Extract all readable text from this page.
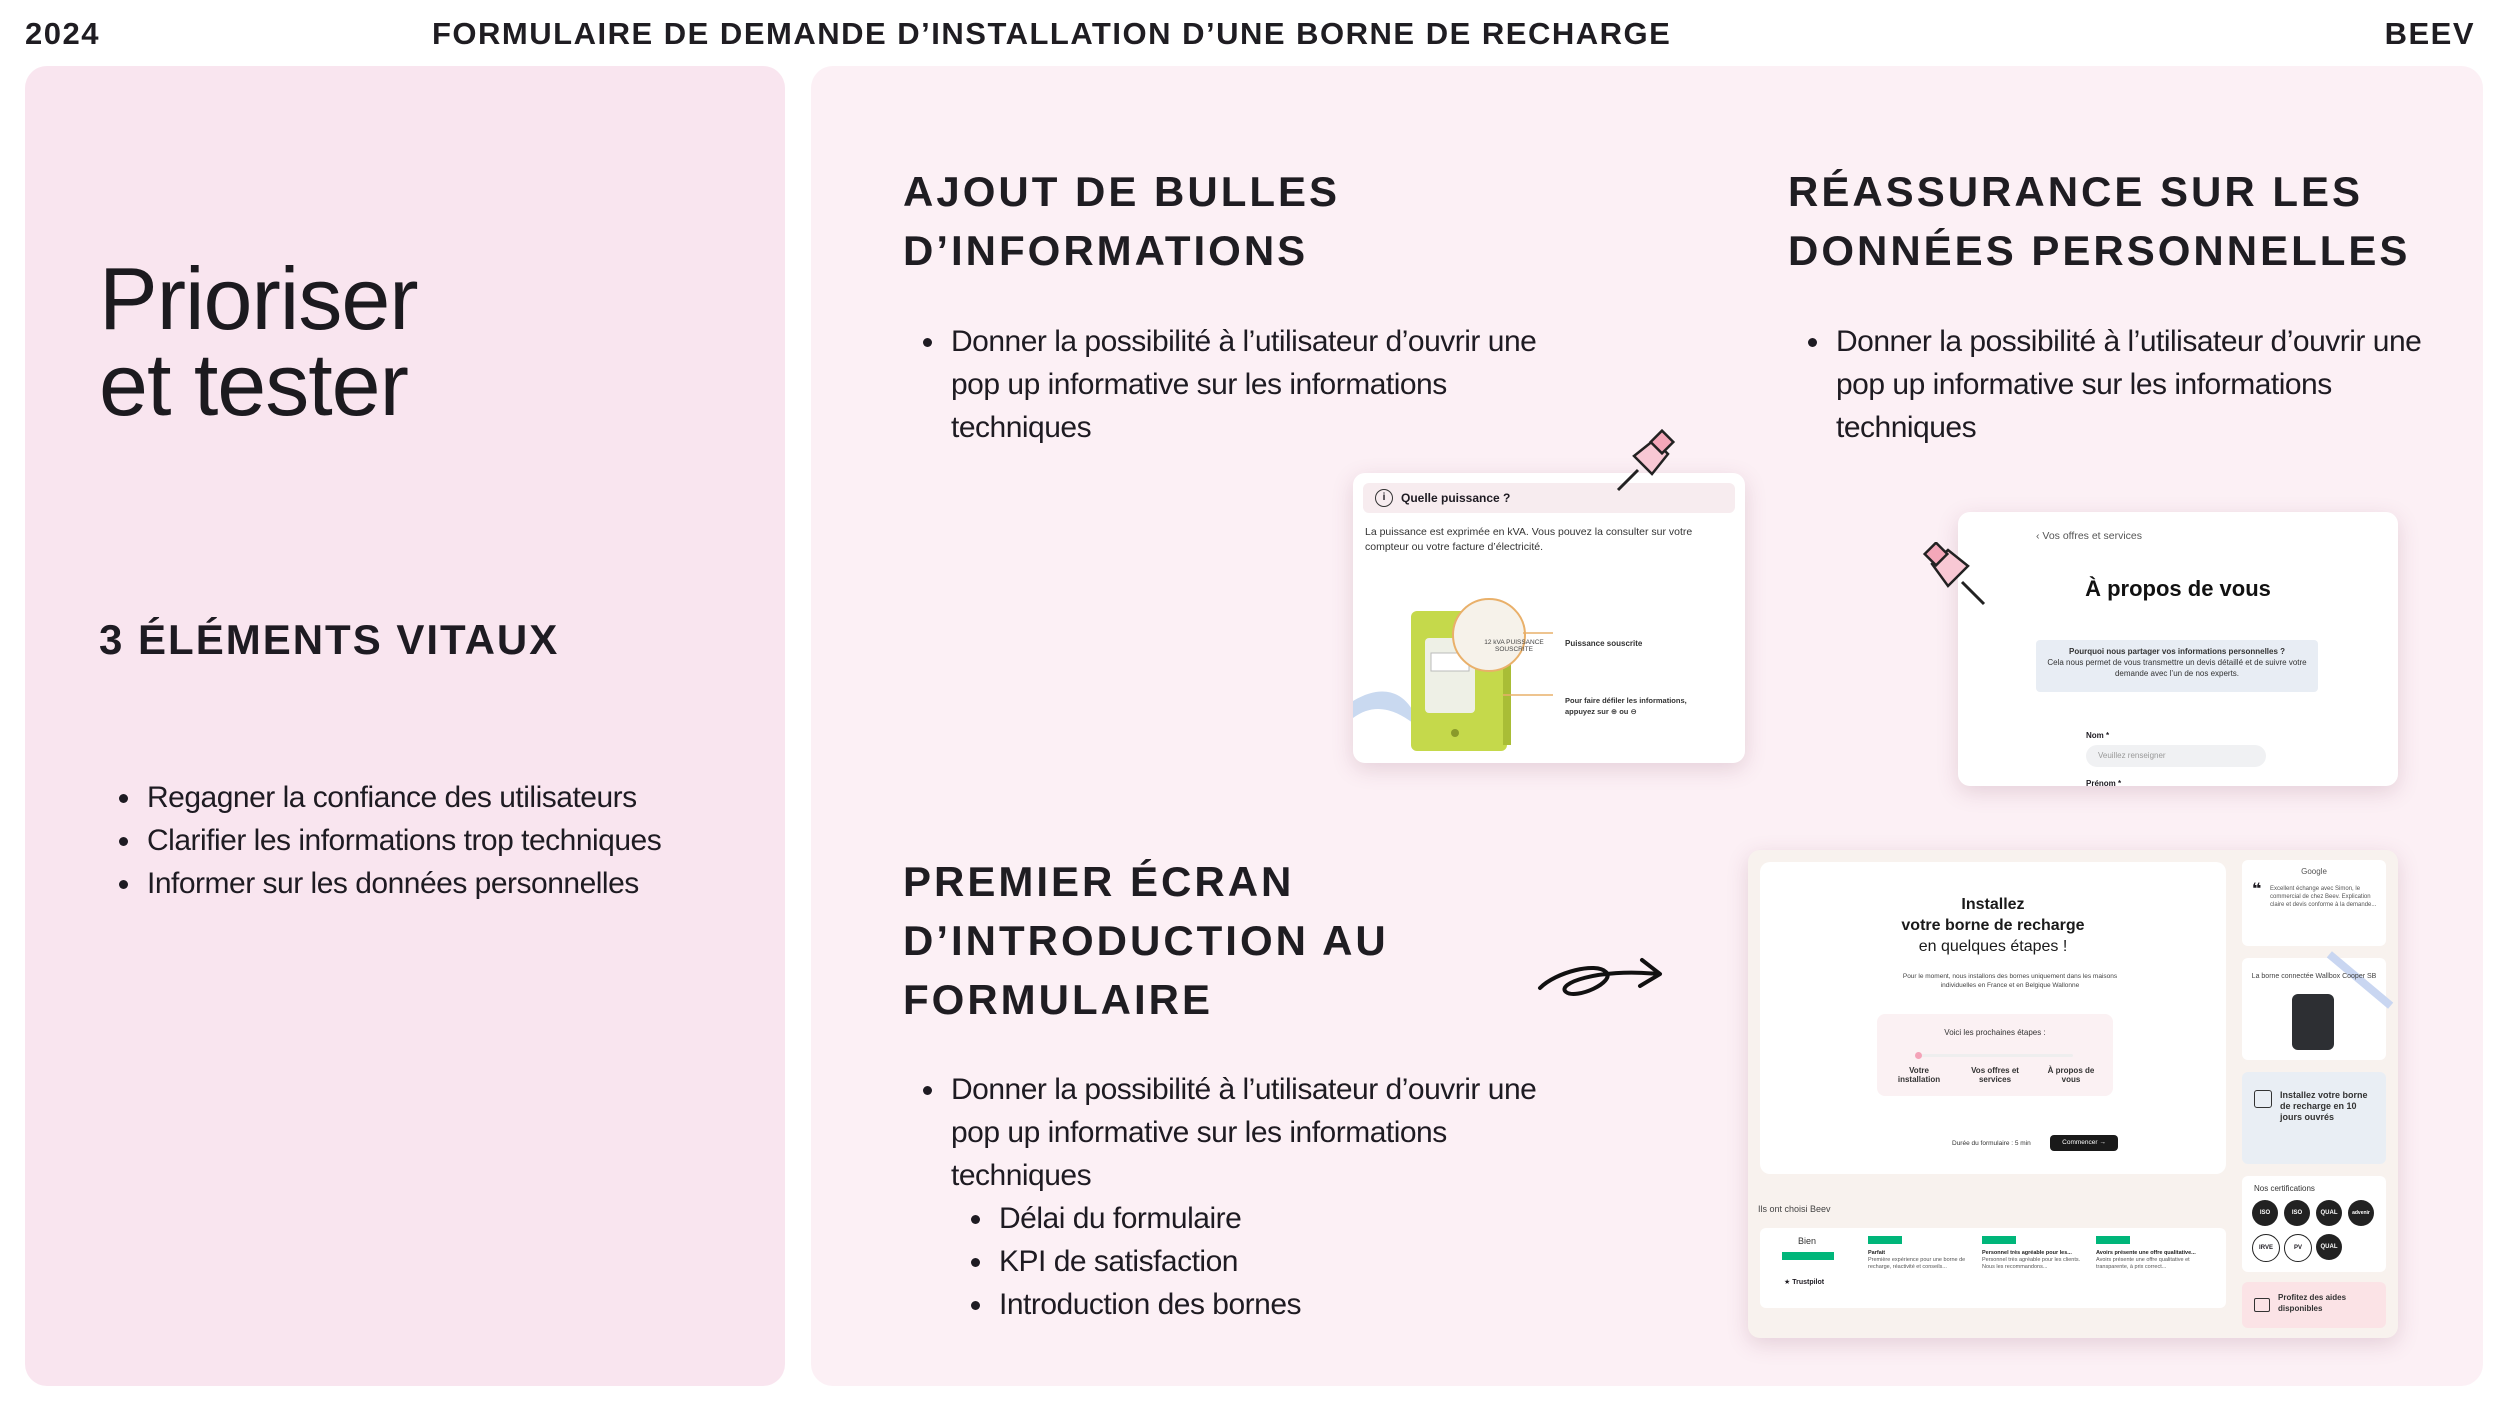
2024	FORMULAIRE DE DEMANDE D’INSTALLATION D’UNE BORNE DE RECHARGE	BEEV
Prioriser
et tester
3 ÉLÉMENTS VITAUX
• Regagner la confiance des utilisateurs
• Clarifier les informations trop techniques
• Informer sur les données personnelles
AJOUT DE BULLES
D’INFORMATIONS
• Donner la possibilité à l’utilisateur d’ouvrir une pop up informative sur les informations techniques
RÉASSURANCE SUR LES
DONNÉES PERSONNELLES
• Donner la possibilité à l’utilisateur d’ouvrir une pop up informative sur les informations techniques
PREMIER ÉCRAN
D’INTRODUCTION AU
FORMULAIRE
• Donner la possibilité à l’utilisateur d’ouvrir une pop up informative sur les informations techniques
• Délai du formulaire
• KPI de satisfaction
• Introduction des bornes
i	Quelle puissance ?
La puissance est exprimée en kVA. Vous pouvez la consulter sur votre compteur ou votre facture d’électricité.
12 kVA PUISSANCE SOUSCRITE
Puissance souscrite
Pour faire défiler les informations, appuyez sur ⊕ ou ⊖
‹ Vos offres et services
À propos de vous
Pourquoi nous partager vos informations personnelles ?
Cela nous permet de vous transmettre un devis détaillé et de suivre votre demande avec l’un de nos experts.
Nom *
Veuillez renseigner
Prénom *
Installez
votre borne de recharge
en quelques étapes !
Pour le moment, nous installons des bornes uniquement dans les maisons individuelles en France et en Belgique Wallonne
Voici les prochaines étapes :
Votre installation
Vos offres et services
À propos de vous
Durée du formulaire : 5 min	Commencer →
Google
❝ Excellent échange avec Simon, le commercial de chez Beev. Explication claire et devis conforme à la demande...
La borne connectée Wallbox Cooper SB
Installez votre borne de recharge en 10 jours ouvrés
Nos certifications
ISO	ISO	QUAL	advenir
IRVE	PV	QUAL
Profitez des aides disponibles
Ils ont choisi Beev
Bien
★ Trustpilot
Parfait
Première expérience pour une borne de recharge, réactivité et conseils...
Personnel très agréable pour les...
Personnel très agréable pour les clients. Nous les recommandons...
Avoirs présente une offre qualitative...
Avoirs présente une offre qualitative et transparente, à prix correct...
